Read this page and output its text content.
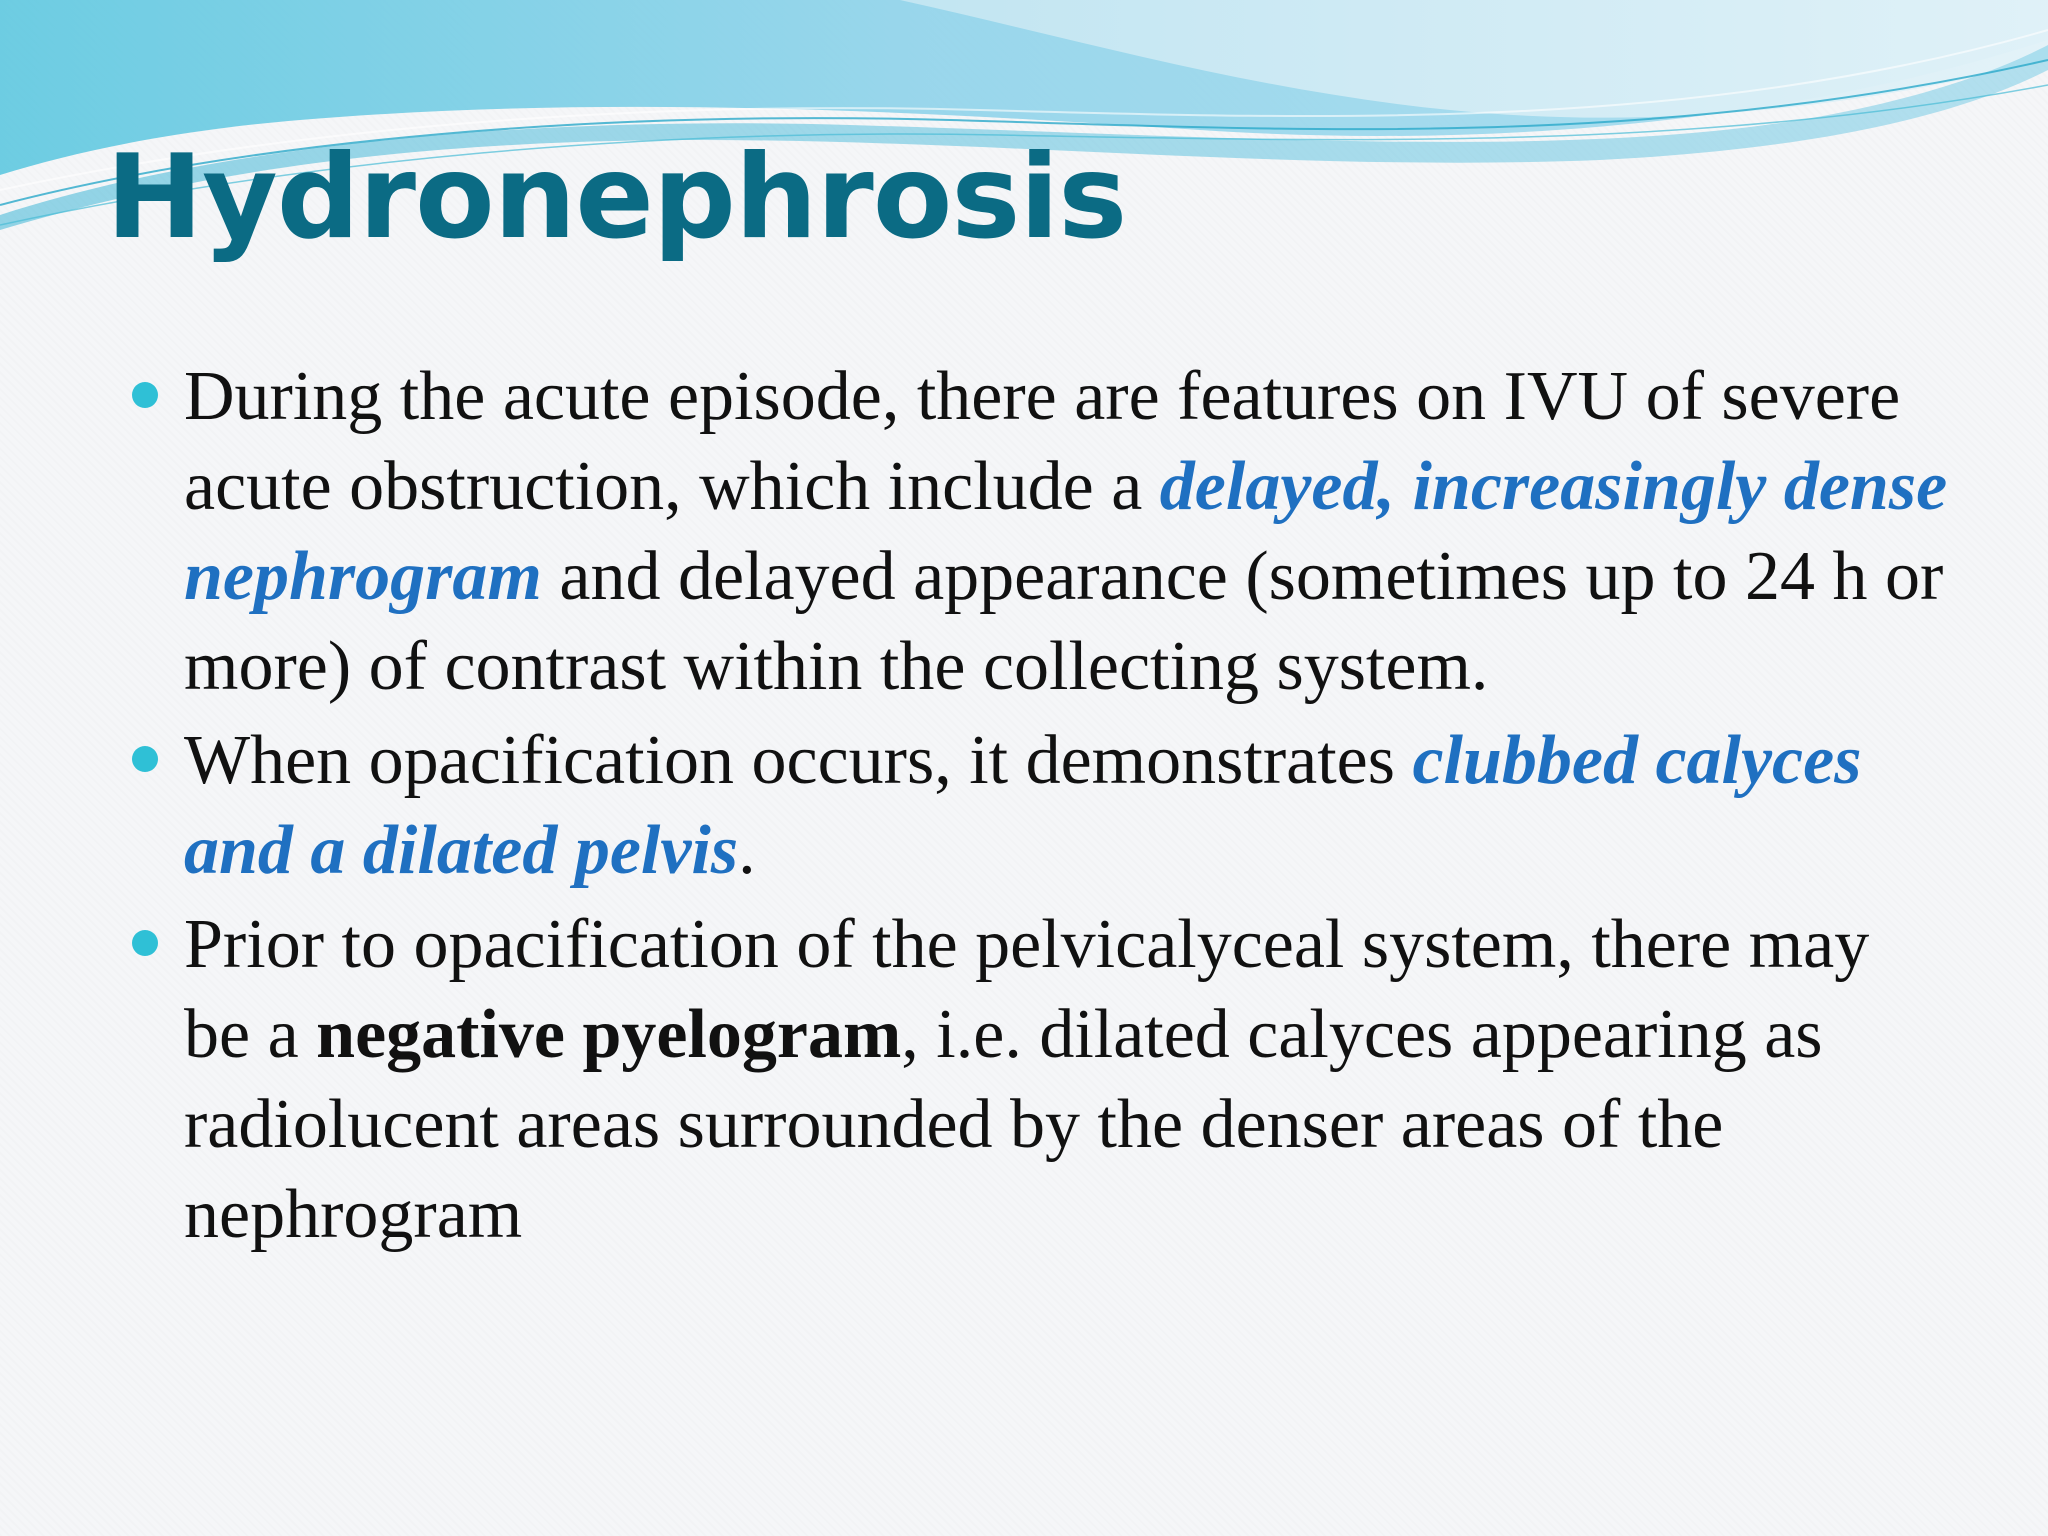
Hydronephrosis
During the acute episode, there are features on IVU of severe acute obstruction, which include a delayed, increasingly dense nephrogram and delayed appearance (sometimes up to 24 h or more) of contrast within the collecting system.
When opacification occurs, it demonstrates clubbed calyces and a dilated pelvis.
Prior to opacification of the pelvicalyceal system, there may be a negative pyelogram, i.e. dilated calyces appearing as radiolucent areas surrounded by the denser areas of the nephrogram
